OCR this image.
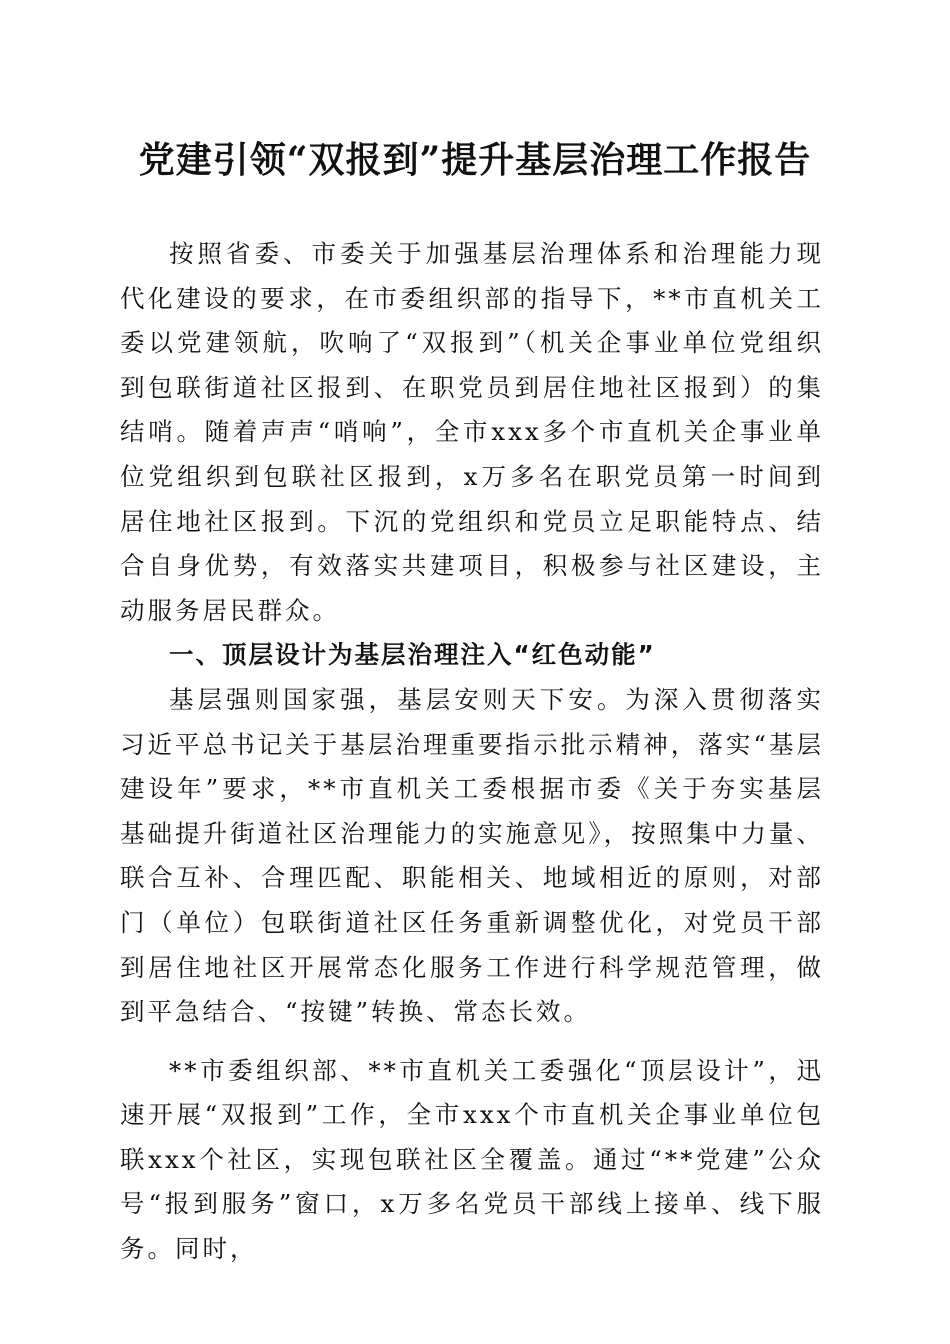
党建引领“双报到”提升基层治理工作报告

按照省委、市委关于加强基层治理体系和治理能力现代化建设的要求，在市委组织部的指导下，**市直机关工委以党建领航，吹响了“双报到”（机关企事业单位党组织到包联街道社区报到、在职党员到居住地社区报到）的集结哨。随着声声“哨响”，全市xxx多个市直机关企事业单位党组织到包联社区报到，x万多名在职党员第一时间到居住地社区报到。下沉的党组织和党员立足职能特点、结合自身优势，有效落实共建项目，积极参与社区建设，主动服务居民群众。

一、顶层设计为基层治理注入“红色动能”

基层强则国家强，基层安则天下安。为深入贯彻落实习近平总书记关于基层治理重要指示批示精神，落实“基层建设年”要求，**市直机关工委根据市委《关于夯实基层基础提升街道社区治理能力的实施意见》，按照集中力量、联合互补、合理匹配、职能相关、地域相近的原则，对部门（单位）包联街道社区任务重新调整优化，对党员干部到居住地社区开展常态化服务工作进行科学规范管理，做到平急结合、“按键”转换、常态长效。

**市委组织部、**市直机关工委强化“顶层设计”，迅速开展“双报到”工作，全市xxx个市直机关企事业单位包联xxx个社区，实现包联社区全覆盖。通过“**党建”公众号“报到服务”窗口，x万多名党员干部线上接单、线下服务。同时，
